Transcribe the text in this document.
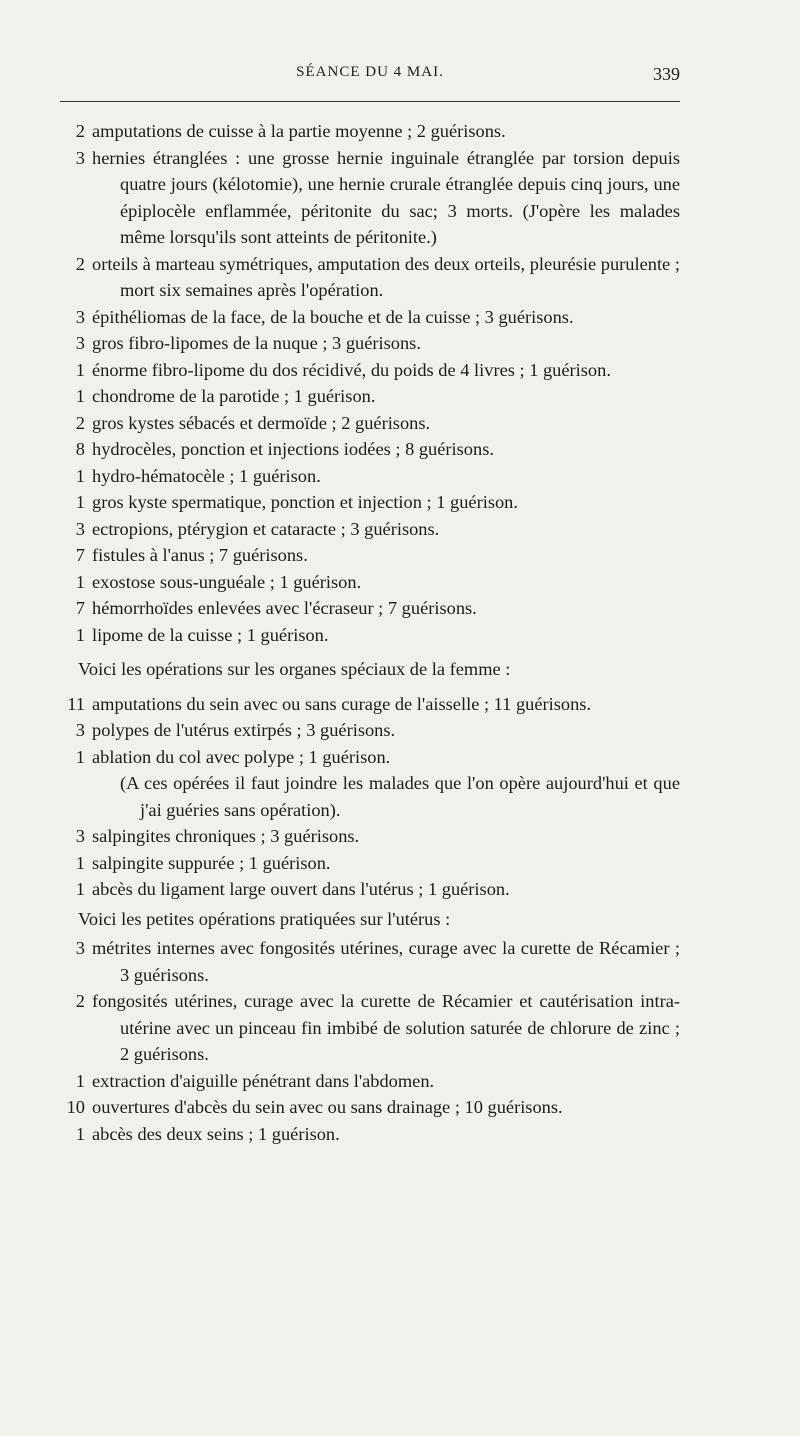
SÉANCE DU 4 MAI.	339
2 amputations de cuisse à la partie moyenne ; 2 guérisons.
3 hernies étranglées : une grosse hernie inguinale étranglée par torsion depuis quatre jours (kélotomie), une hernie crurale étranglée depuis cinq jours, une épiplocèle enflammée, péritonite du sac; 3 morts. (J'opère les malades même lorsqu'ils sont atteints de péritonite.)
2 orteils à marteau symétriques, amputation des deux orteils, pleurésie purulente ; mort six semaines après l'opération.
3 épithéliomas de la face, de la bouche et de la cuisse ; 3 guérisons.
3 gros fibro-lipomes de la nuque ; 3 guérisons.
1 énorme fibro-lipome du dos récidivé, du poids de 4 livres ; 1 guérison.
1 chondrome de la parotide ; 1 guérison.
2 gros kystes sébacés et dermoïde ; 2 guérisons.
8 hydrocèles, ponction et injections iodées ; 8 guérisons.
1 hydro-hématocèle ; 1 guérison.
1 gros kyste spermatique, ponction et injection ; 1 guérison.
3 ectropions, ptérygion et cataracte ; 3 guérisons.
7 fistules à l'anus ; 7 guérisons.
1 exostose sous-unguéale ; 1 guérison.
7 hémorrhoïdes enlevées avec l'écraseur ; 7 guérisons.
1 lipome de la cuisse ; 1 guérison.
Voici les opérations sur les organes spéciaux de la femme :
11 amputations du sein avec ou sans curage de l'aisselle ; 11 guérisons.
3 polypes de l'utérus extirpés ; 3 guérisons.
1 ablation du col avec polype ; 1 guérison.
(A ces opérées il faut joindre les malades que l'on opère aujourd'hui et que j'ai guéries sans opération).
3 salpingites chroniques ; 3 guérisons.
1 salpingite suppurée ; 1 guérison.
1 abcès du ligament large ouvert dans l'utérus ; 1 guérison.
Voici les petites opérations pratiquées sur l'utérus :
3 métrites internes avec fongosités utérines, curage avec la curette de Récamier ; 3 guérisons.
2 fongosités utérines, curage avec la curette de Récamier et cautérisation intra-utérine avec un pinceau fin imbibé de solution saturée de chlorure de zinc ; 2 guérisons.
1 extraction d'aiguille pénétrant dans l'abdomen.
10 ouvertures d'abcès du sein avec ou sans drainage ; 10 guérisons.
1 abcès des deux seins ; 1 guérison.
